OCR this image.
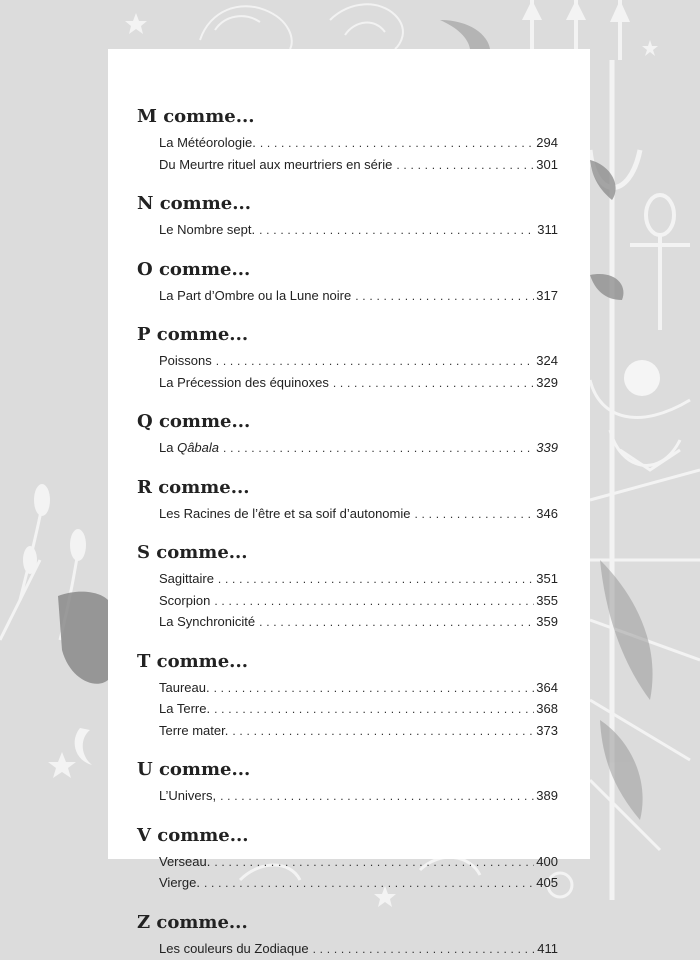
M comme...
La Météorologie. . . .	294
Du Meurtre rituel aux meurtriers en série . . .	301
N comme...
Le Nombre sept. . . .	311
O comme...
La Part d’Ombre ou la Lune noire . . .	317
P comme...
Poissons . . .	324
La Précession des équinoxes . . .	329
Q comme...
La Qâbala . . .	339
R comme...
Les Racines de l’être et sa soif d’autonomie . . .	346
S comme...
Sagittaire . . .	351
Scorpion . . .	355
La Synchronicité . . .	359
T comme...
Taureau. . . .	364
La Terre. . . .	368
Terre mater. . . .	373
U comme...
L’Univers, . . .	389
V comme...
Verseau. . . .	400
Vierge. . . .	405
Z comme...
Les couleurs du Zodiaque . . .	411
